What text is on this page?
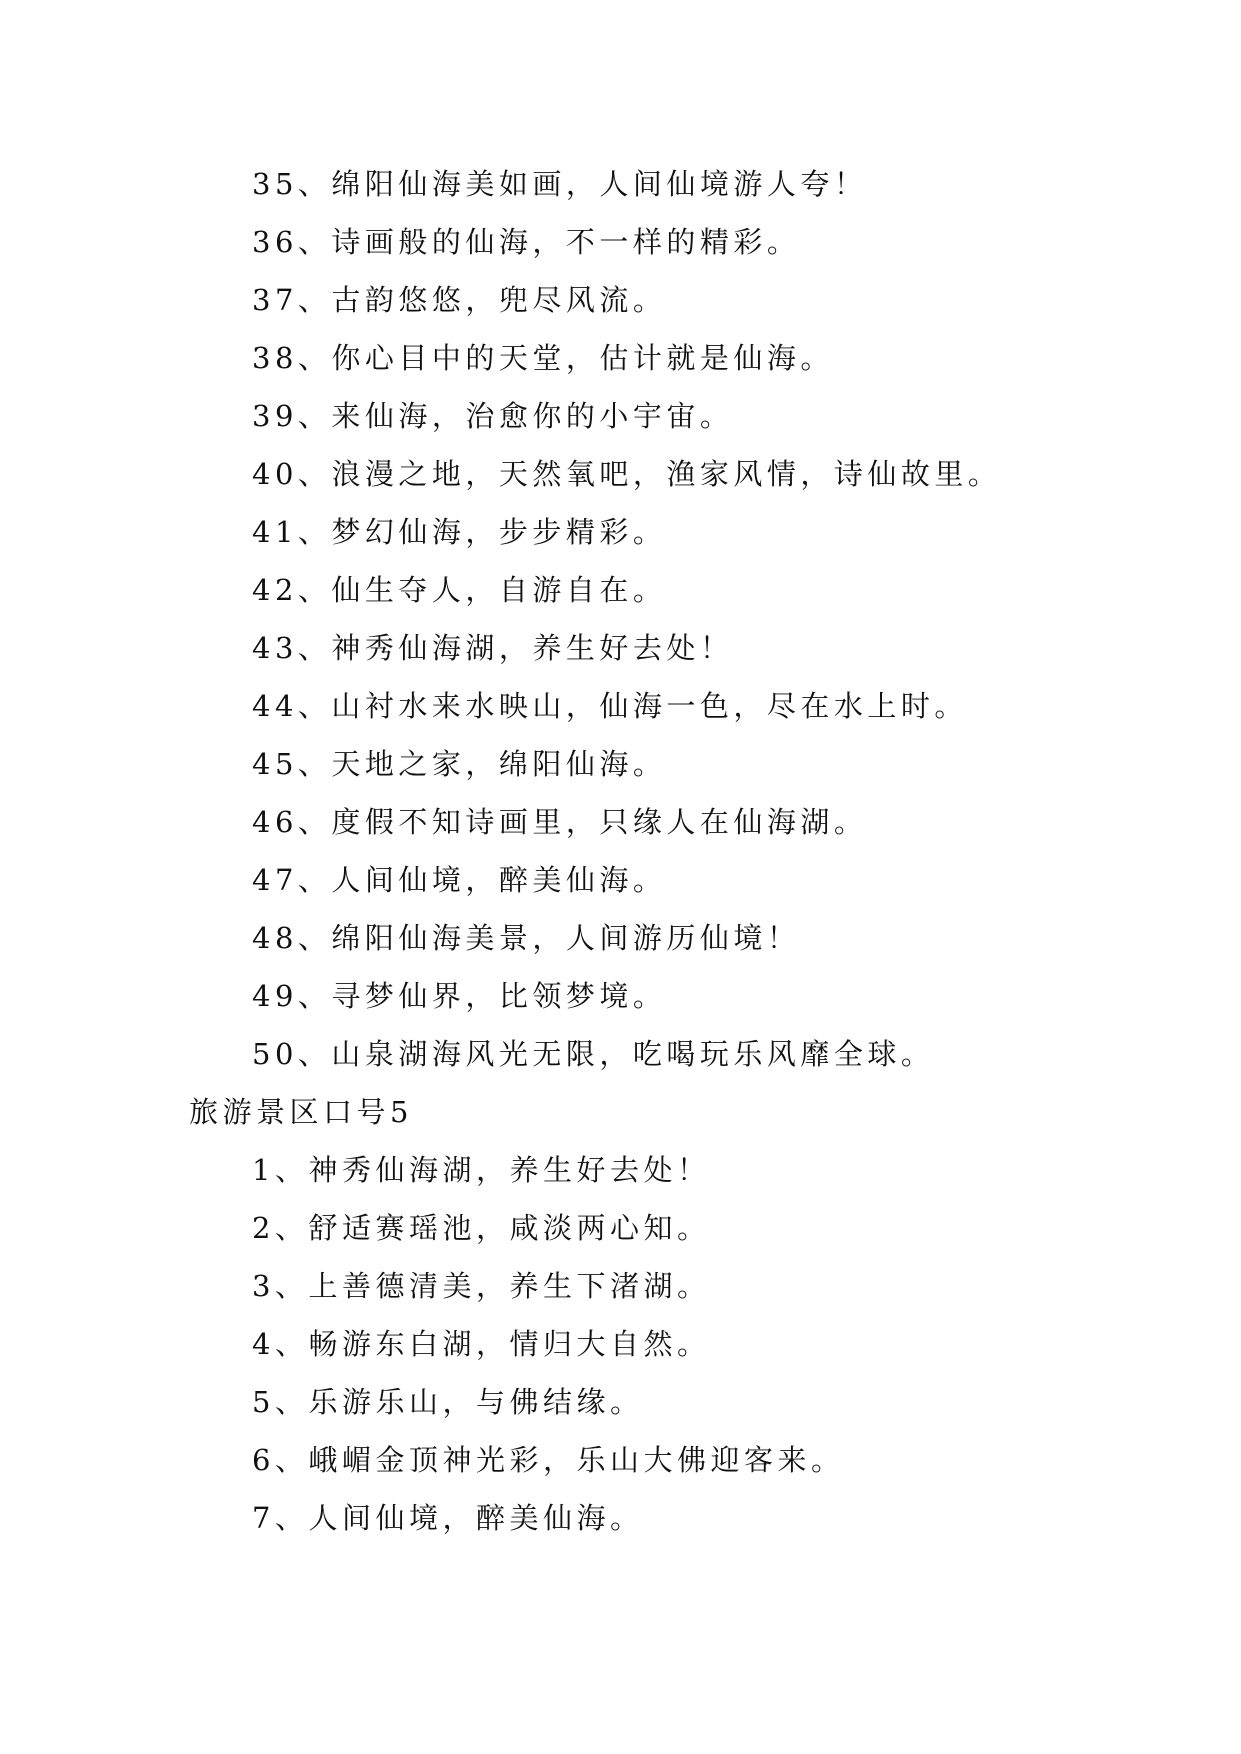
35、绵阳仙海美如画，人间仙境游人夸！
36、诗画般的仙海，不一样的精彩。
37、古韵悠悠，兜尽风流。
38、你心目中的天堂，估计就是仙海。
39、来仙海，治愈你的小宇宙。
40、浪漫之地，天然氧吧，渔家风情，诗仙故里。
41、梦幻仙海，步步精彩。
42、仙生夺人，自游自在。
43、神秀仙海湖，养生好去处！
44、山衬水来水映山，仙海一色，尽在水上时。
45、天地之家，绵阳仙海。
46、度假不知诗画里，只缘人在仙海湖。
47、人间仙境，醉美仙海。
48、绵阳仙海美景，人间游历仙境！
49、寻梦仙界，比领梦境。
50、山泉湖海风光无限，吃喝玩乐风靡全球。
旅游景区口号5
1、神秀仙海湖，养生好去处！
2、舒适赛瑶池，咸淡两心知。
3、上善德清美，养生下渚湖。
4、畅游东白湖，情归大自然。
5、乐游乐山，与佛结缘。
6、峨嵋金顶神光彩，乐山大佛迎客来。
7、人间仙境，醉美仙海。
